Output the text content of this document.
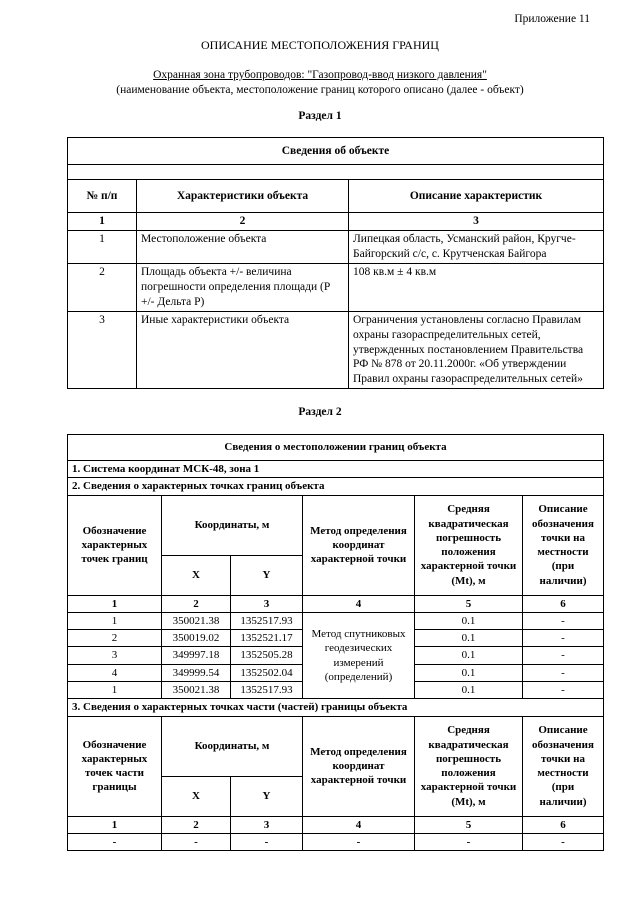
Приложение 11
ОПИСАНИЕ МЕСТОПОЛОЖЕНИЯ ГРАНИЦ
Охранная зона трубопроводов: "Газопровод-ввод низкого давления"
(наименование объекта, местоположение границ которого описано (далее - объект)
Раздел 1
Сведения об объекте		

№ п/п	Характеристики объекта	Описание характеристик
1	2	3
1	Местоположение объекта	Липецкая область, Усманский район, Кругче-Байгорский с/с, с. Крутченская Байгора
2	Площадь объекта +/- величина погрешности определения площади (P +/- Дельта P)	108 кв.м ± 4 кв.м
3	Иные характеристики объекта	Ограничения установлены согласно Правилам охраны газораспределительных сетей, утвержденных постановлением Правительства РФ № 878 от 20.11.2000г. «Об утверждении Правил охраны газораспределительных сетей»
Раздел 2
Сведения о местоположении границ объекта					
1. Система координат МСК-48, зона 1					
2. Сведения о характерных точках границ объекта					
Обозначение характерных точек границ	Координаты, м		Метод определения координат характерной точки	Средняя квадратическая погрешность положения характерной точки (Mt), м	Описание обозначения точки на местности (при наличии)
	X	Y			
1	2	3	4	5	6
1	350021.38	1352517.93	Метод спутниковых геодезических измерений (определений)	0.1	-
2	350019.02	1352521.17		0.1	-
3	349997.18	1352505.28		0.1	-
4	349999.54	1352502.04		0.1	-
1	350021.38	1352517.93		0.1	-
3. Сведения о характерных точках части (частей) границы объекта					
Обозначение характерных точек части границы	Координаты, м		Метод определения координат характерной точки	Средняя квадратическая погрешность положения характерной точки (Mt), м	Описание обозначения точки на местности (при наличии)
	X	Y			
1	2	3	4	5	6
-	-	-	-	-	-
